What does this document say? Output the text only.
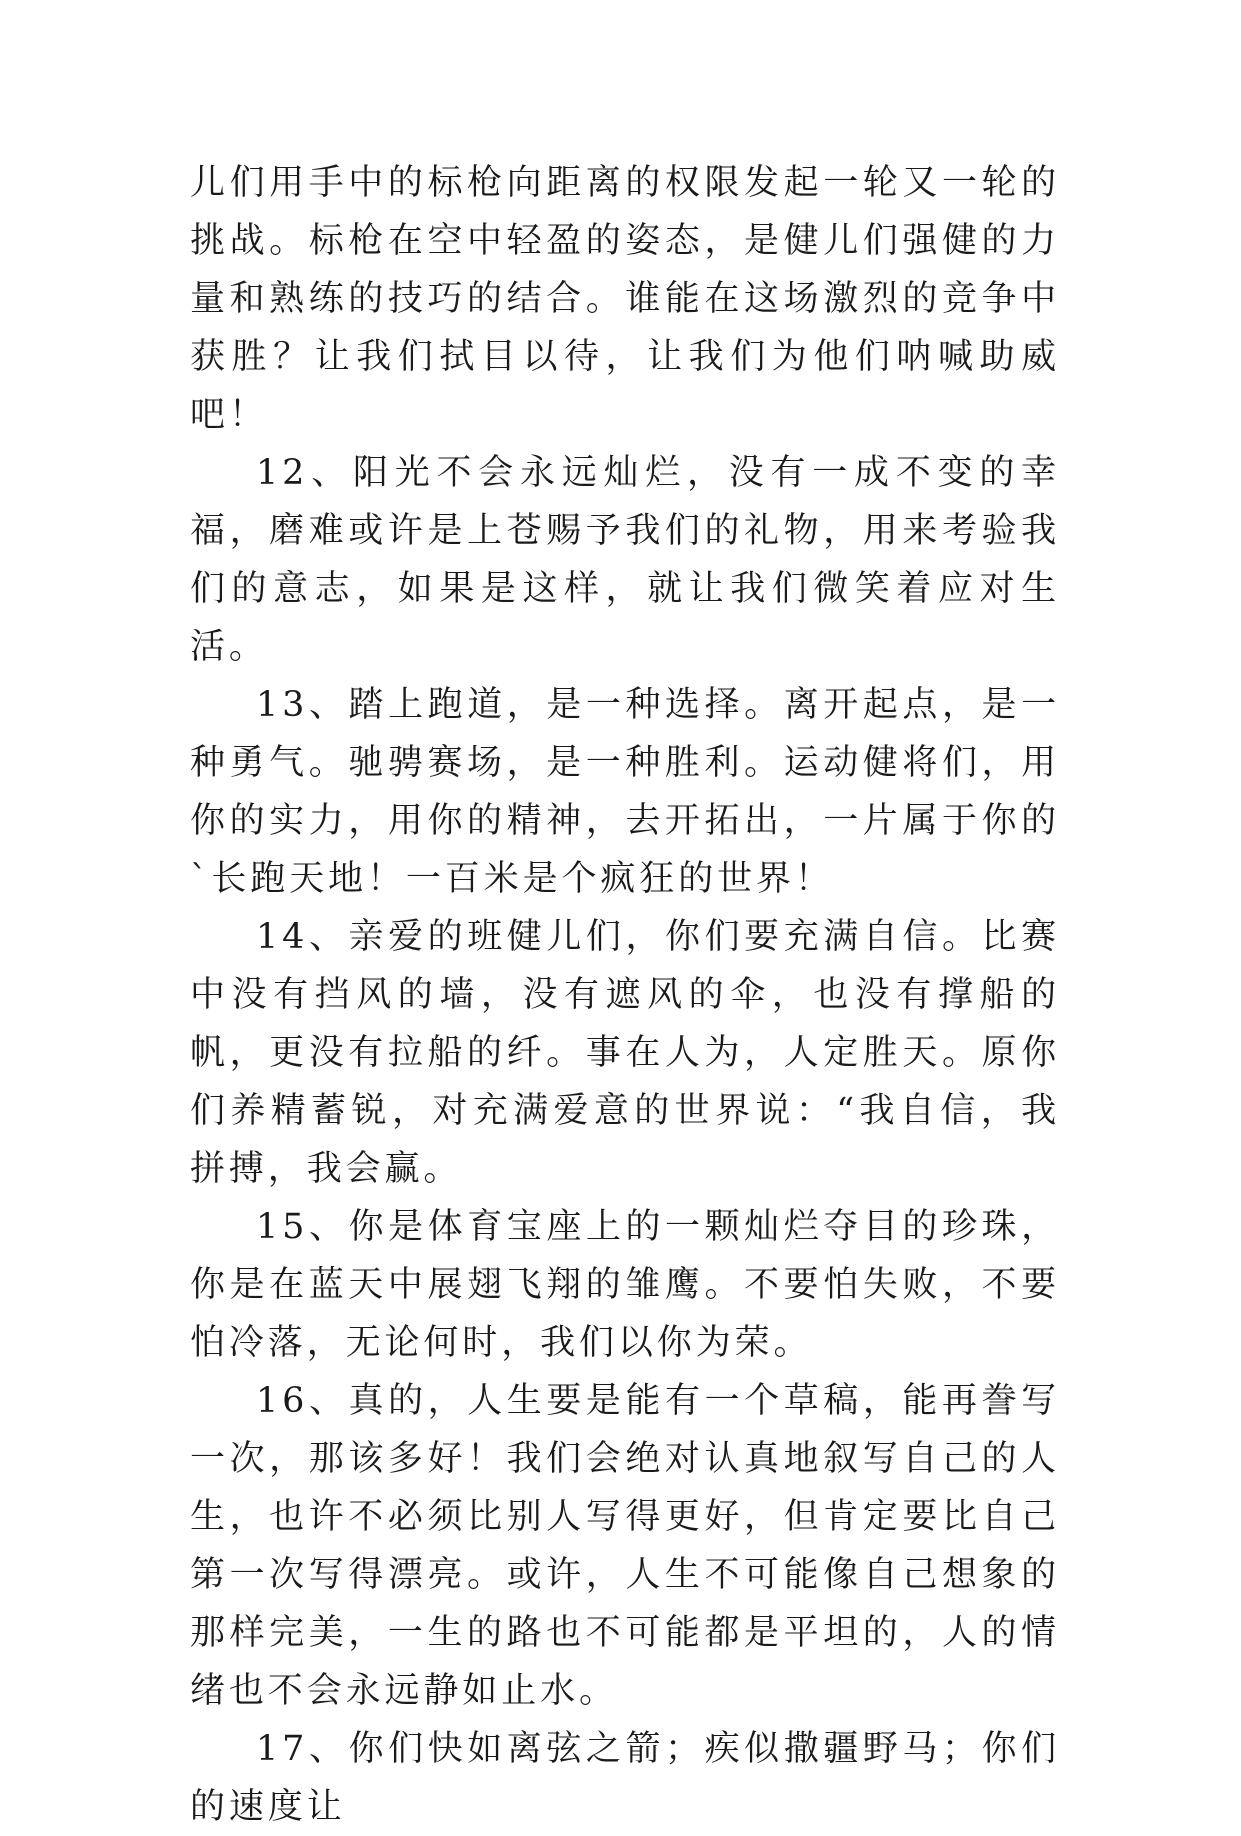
儿们用手中的标枪向距离的权限发起一轮又一轮的挑战。标枪在空中轻盈的姿态，是健儿们强健的力量和熟练的技巧的结合。谁能在这场激烈的竞争中获胜？让我们拭目以待，让我们为他们呐喊助威吧！

12、阳光不会永远灿烂，没有一成不变的幸福，磨难或许是上苍赐予我们的礼物，用来考验我们的意志，如果是这样，就让我们微笑着应对生活。

13、踏上跑道，是一种选择。离开起点，是一种勇气。驰骋赛场，是一种胜利。运动健将们，用你的实力，用你的精神，去开拓出，一片属于你的`长跑天地！一百米是个疯狂的世界！

14、亲爱的班健儿们，你们要充满自信。比赛中没有挡风的墙，没有遮风的伞，也没有撑船的帆，更没有拉船的纤。事在人为，人定胜天。原你们养精蓄锐，对充满爱意的世界说：“我自信，我拼搏，我会赢。

15、你是体育宝座上的一颗灿烂夺目的珍珠，你是在蓝天中展翅飞翔的雏鹰。不要怕失败，不要怕冷落，无论何时，我们以你为荣。

16、真的，人生要是能有一个草稿，能再誊写一次，那该多好！我们会绝对认真地叙写自己的人生，也许不必须比别人写得更好，但肯定要比自己第一次写得漂亮。或许，人生不可能像自己想象的那样完美，一生的路也不可能都是平坦的，人的情绪也不会永远静如止水。

17、你们快如离弦之箭；疾似撒疆野马；你们的速度让
